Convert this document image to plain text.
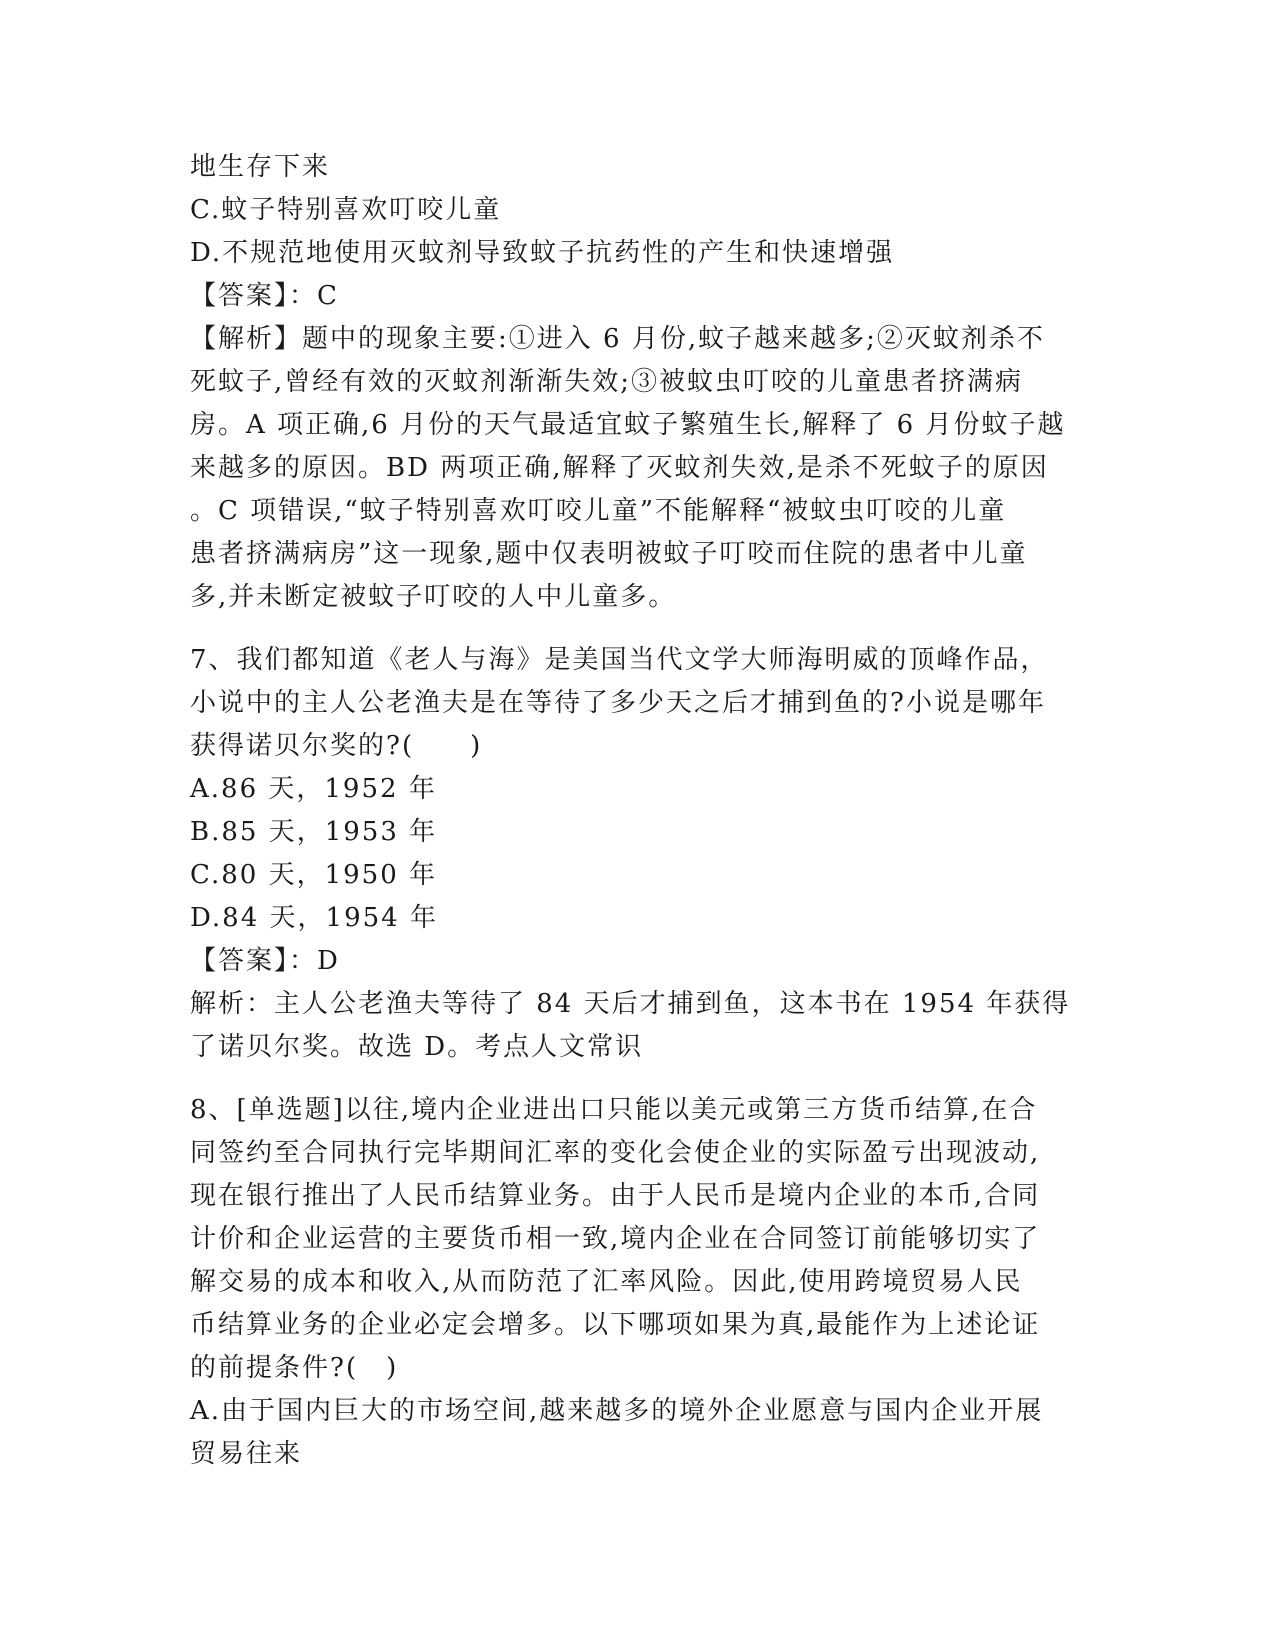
地生存下来
C.蚊子特别喜欢叮咬儿童
D.不规范地使用灭蚊剂导致蚊子抗药性的产生和快速增强
【答案】：C
【解析】题中的现象主要:①进入 6 月份,蚊子越来越多;②灭蚊剂杀不
死蚊子,曾经有效的灭蚊剂渐渐失效;③被蚊虫叮咬的儿童患者挤满病
房。A 项正确,6 月份的天气最适宜蚊子繁殖生长,解释了 6 月份蚊子越
来越多的原因。BD 两项正确,解释了灭蚊剂失效,是杀不死蚊子的原因
。C 项错误,“蚊子特别喜欢叮咬儿童”不能解释“被蚊虫叮咬的儿童
患者挤满病房”这一现象,题中仅表明被蚊子叮咬而住院的患者中儿童
多,并未断定被蚊子叮咬的人中儿童多。
7、我们都知道《老人与海》是美国当代文学大师海明威的顶峰作品，
小说中的主人公老渔夫是在等待了多少天之后才捕到鱼的?小说是哪年
获得诺贝尔奖的?(　　)
A.86 天，1952 年
B.85 天，1953 年
C.80 天，1950 年
D.84 天，1954 年
【答案】：D
解析：主人公老渔夫等待了 84 天后才捕到鱼，这本书在 1954 年获得
了诺贝尔奖。故选 D。考点人文常识
8、[单选题]以往,境内企业进出口只能以美元或第三方货币结算,在合
同签约至合同执行完毕期间汇率的变化会使企业的实际盈亏出现波动,
现在银行推出了人民币结算业务。由于人民币是境内企业的本币,合同
计价和企业运营的主要货币相一致,境内企业在合同签订前能够切实了
解交易的成本和收入,从而防范了汇率风险。因此,使用跨境贸易人民
币结算业务的企业必定会增多。以下哪项如果为真,最能作为上述论证
的前提条件?(　)
A.由于国内巨大的市场空间,越来越多的境外企业愿意与国内企业开展
贸易往来
